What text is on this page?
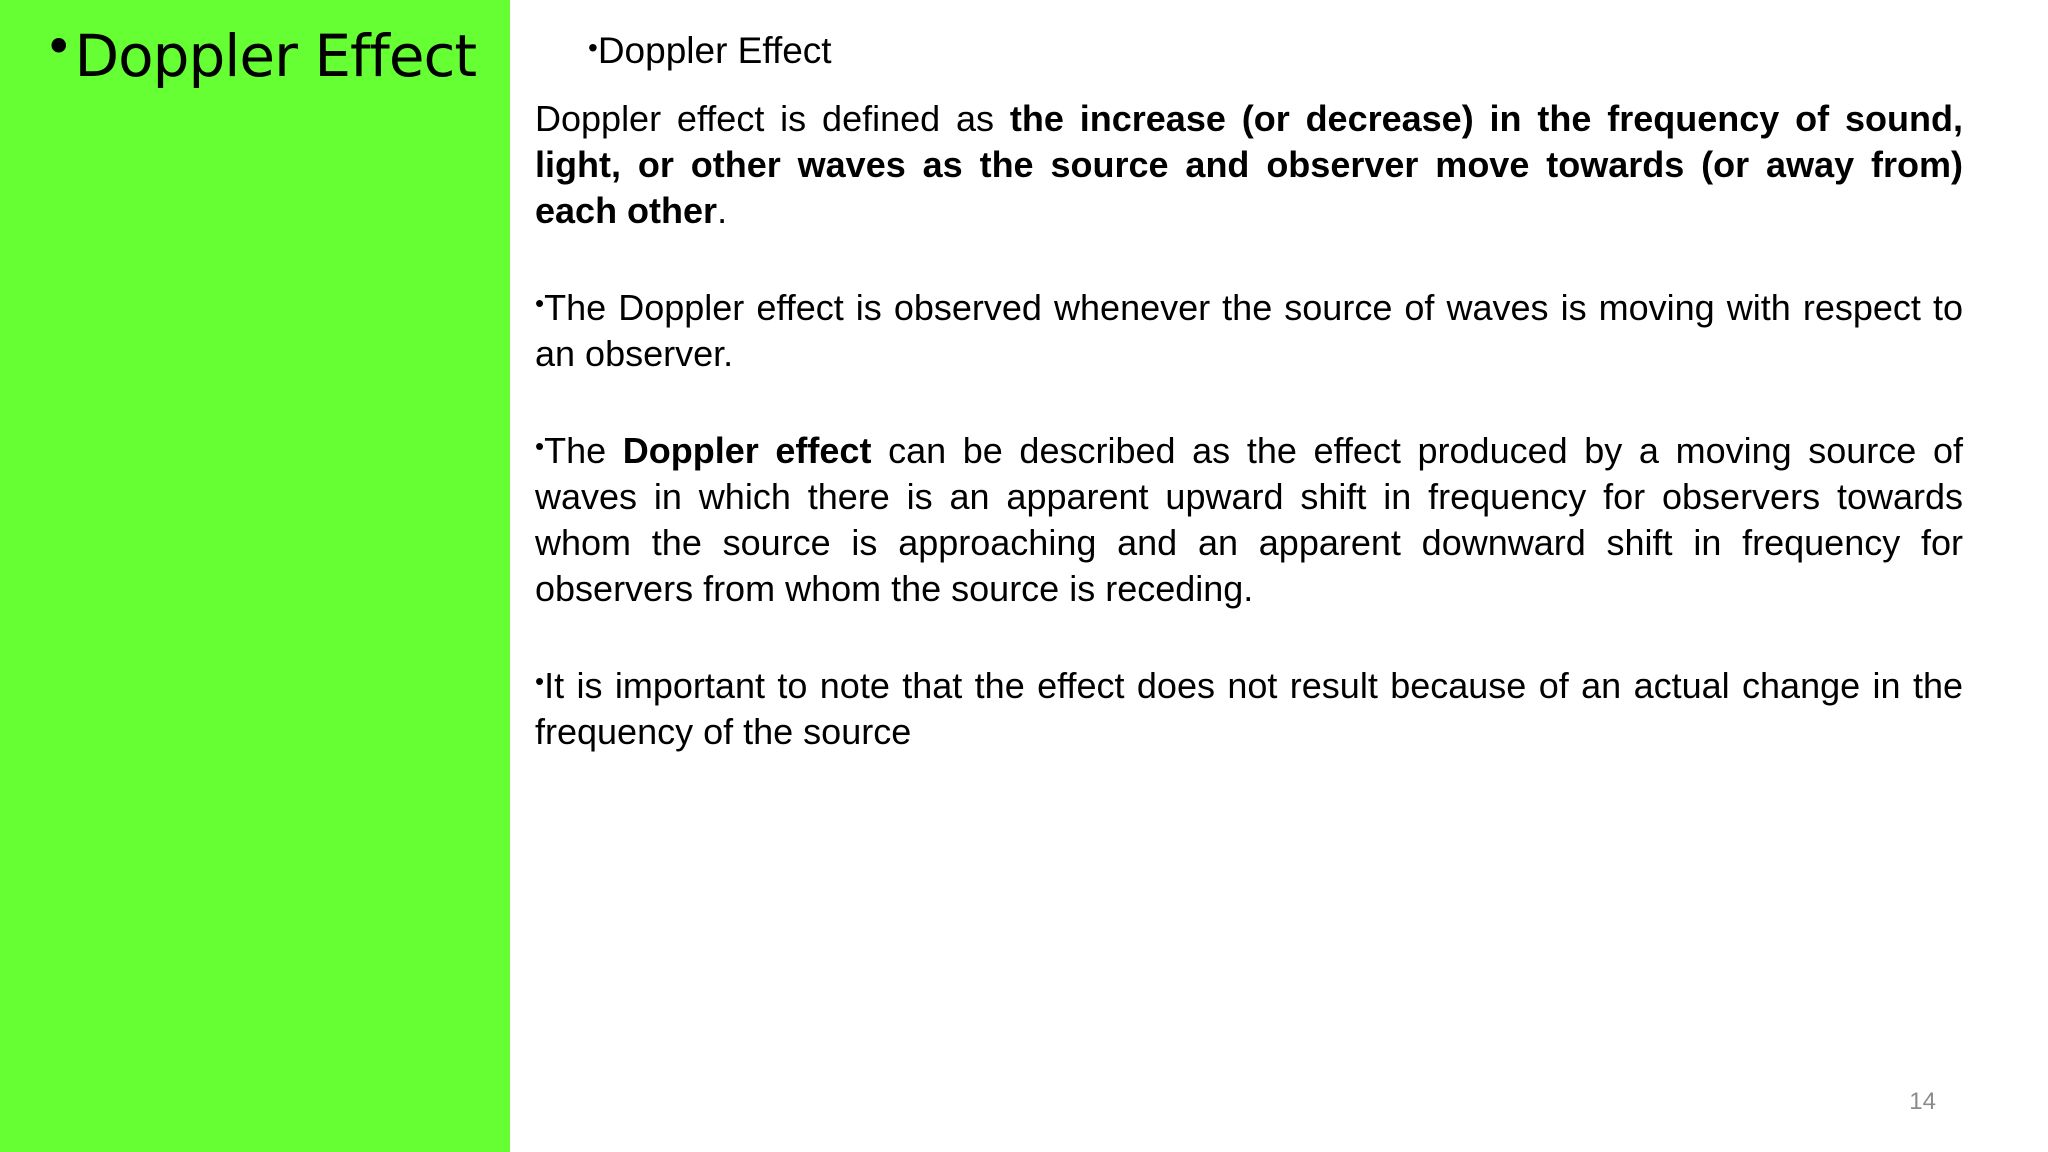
•Doppler Effect	•Doppler Effect

Doppler effect is defined as the increase (or decrease) in the frequency of sound, light, or other waves as the source and observer move towards (or away from) each other.

•The Doppler effect is observed whenever the source of waves is moving with respect to an observer.

•The Doppler effect can be described as the effect produced by a moving source of waves in which there is an apparent upward shift in frequency for observers towards whom the source is approaching and an apparent downward shift in frequency for observers from whom the source is receding.

•It is important to note that the effect does not result because of an actual change in the frequency of the source

14
